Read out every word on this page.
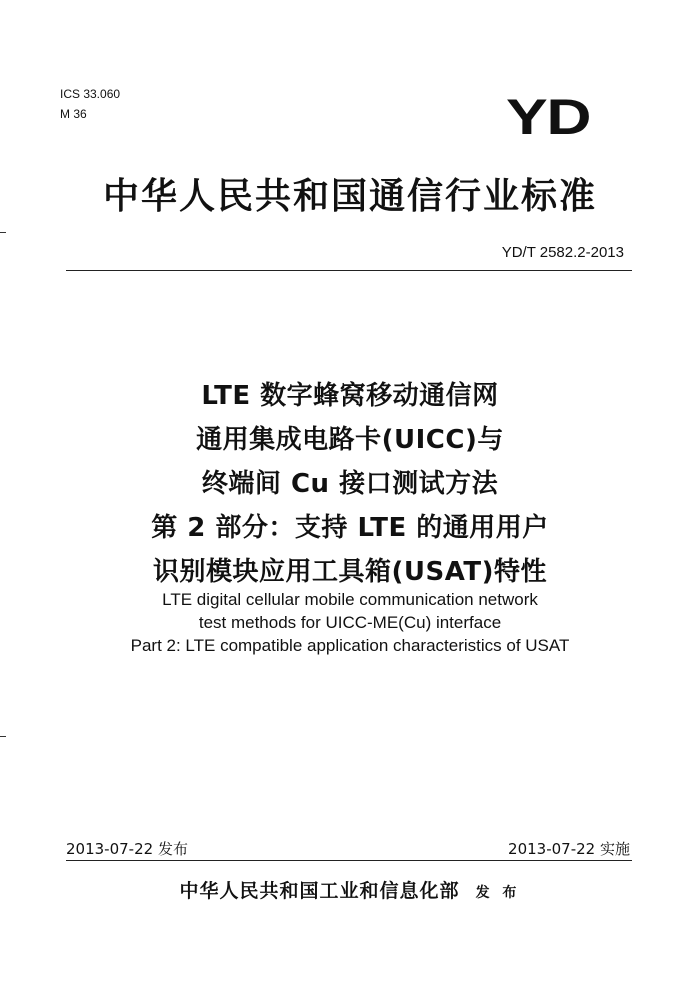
ICS 33.060
M 36	YD
中华人民共和国通信行业标准
YD/T 2582.2-2013
LTE 数字蜂窝移动通信网
通用集成电路卡(UICC)与
终端间 Cu 接口测试方法
第 2 部分：支持 LTE 的通用用户
识别模块应用工具箱(USAT)特性
LTE digital cellular mobile communication network
test methods for UICC-ME(Cu) interface
Part 2: LTE compatible application characteristics of USAT
2013-07-22 发布	2013-07-22 实施
中华人民共和国工业和信息化部 发 布
